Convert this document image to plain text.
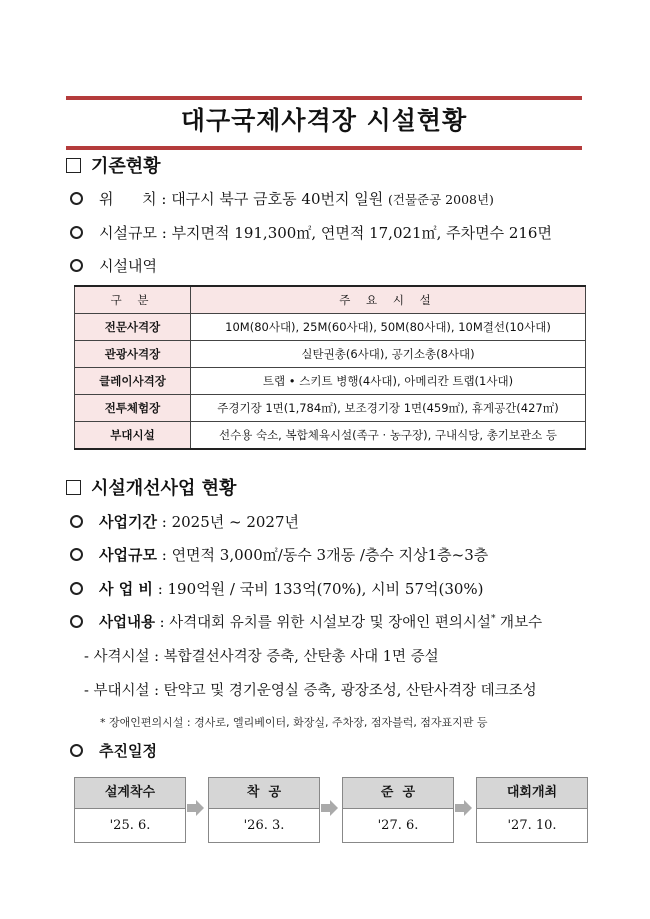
대구국제사격장 시설현황
기존현황
위      치 : 대구시 북구 금호동 40번지 일원 (건물준공 2008년)
시설규모 : 부지면적 191,300㎡, 연면적 17,021㎡, 주차면수 216면
시설내역
구 분	주 요 시 설
전문사격장	10M(80사대), 25M(60사대), 50M(80사대), 10M결선(10사대)
관광사격장	실탄권총(6사대), 공기소총(8사대)
클레이사격장	트랩 • 스키트 병행(4사대), 아메리칸 트랩(1사대)
전투체험장	주경기장 1면(1,784㎡), 보조경기장 1면(459㎡), 휴게공간(427㎡)
부대시설	선수용 숙소, 복합체육시설(족구 · 농구장), 구내식당, 총기보관소 등
시설개선사업 현황
사업기간 : 2025년 ~ 2027년
사업규모 : 연면적 3,000㎡/동수 3개동 /층수 지상1층~3층
사 업 비 : 190억원 / 국비 133억(70%), 시비 57억(30%)
사업내용 : 사격대회 유치를 위한 시설보강 및 장애인 편의시설* 개보수
- 사격시설 : 복합결선사격장 증축, 산탄총 사대 1면 증설
- 부대시설 : 탄약고 및 경기운영실 증축, 광장조성, 산탄사격장 데크조성
* 장애인편의시설 : 경사로, 엘리베이터, 화장실, 주차장, 점자블럭, 점자표지판 등
추진일정
설계착수
'25. 6.
착  공
'26. 3.
준  공
'27. 6.
대회개최
'27. 10.
